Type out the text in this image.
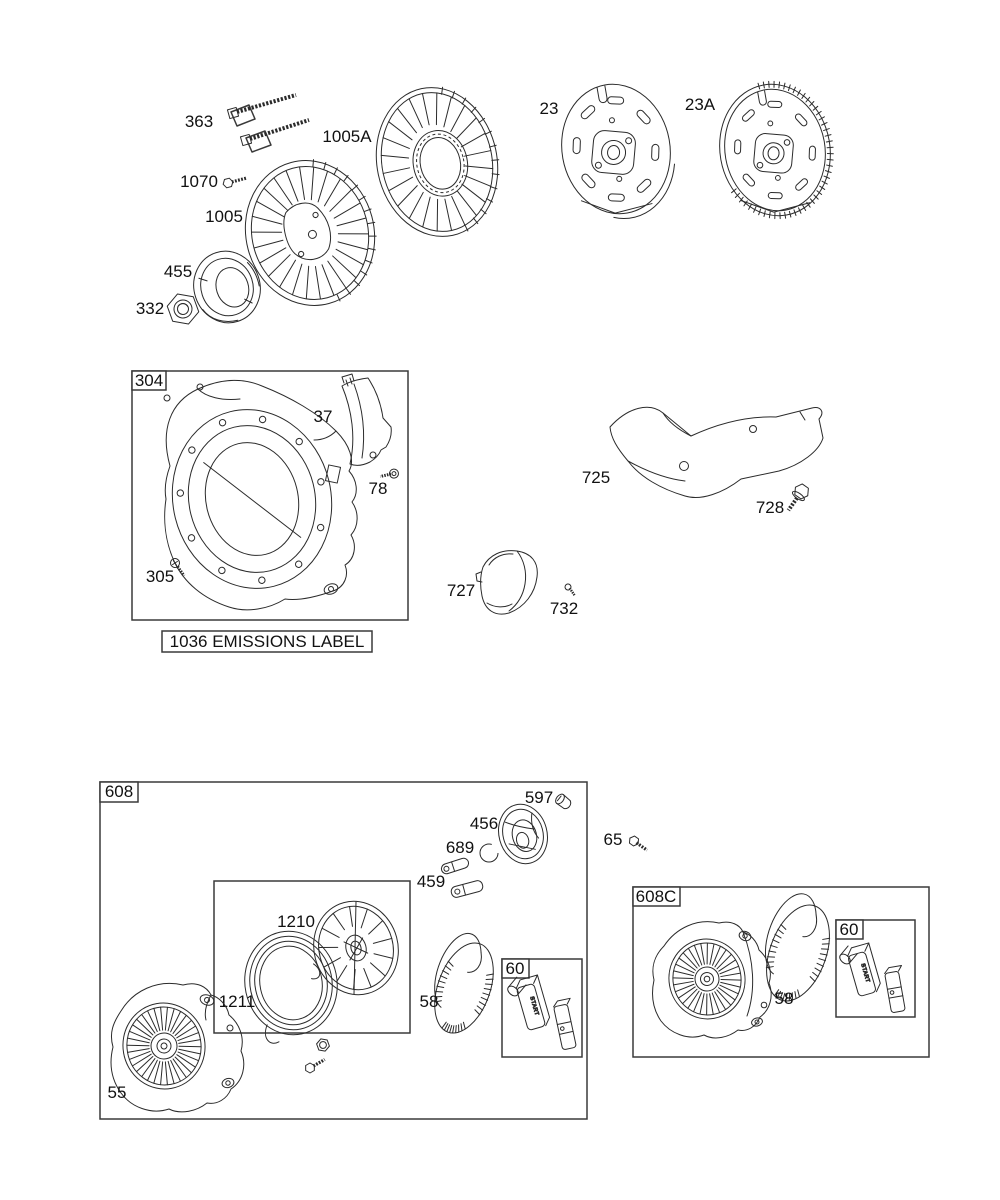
363
1070
1005
1005A
455
332
23	23A
304
37
78
305
1036 EMISSIONS LABEL
725
728
727
732
608	597
456
689
459
65
1210
1211	58
60
START
55
608C
58
60
START
